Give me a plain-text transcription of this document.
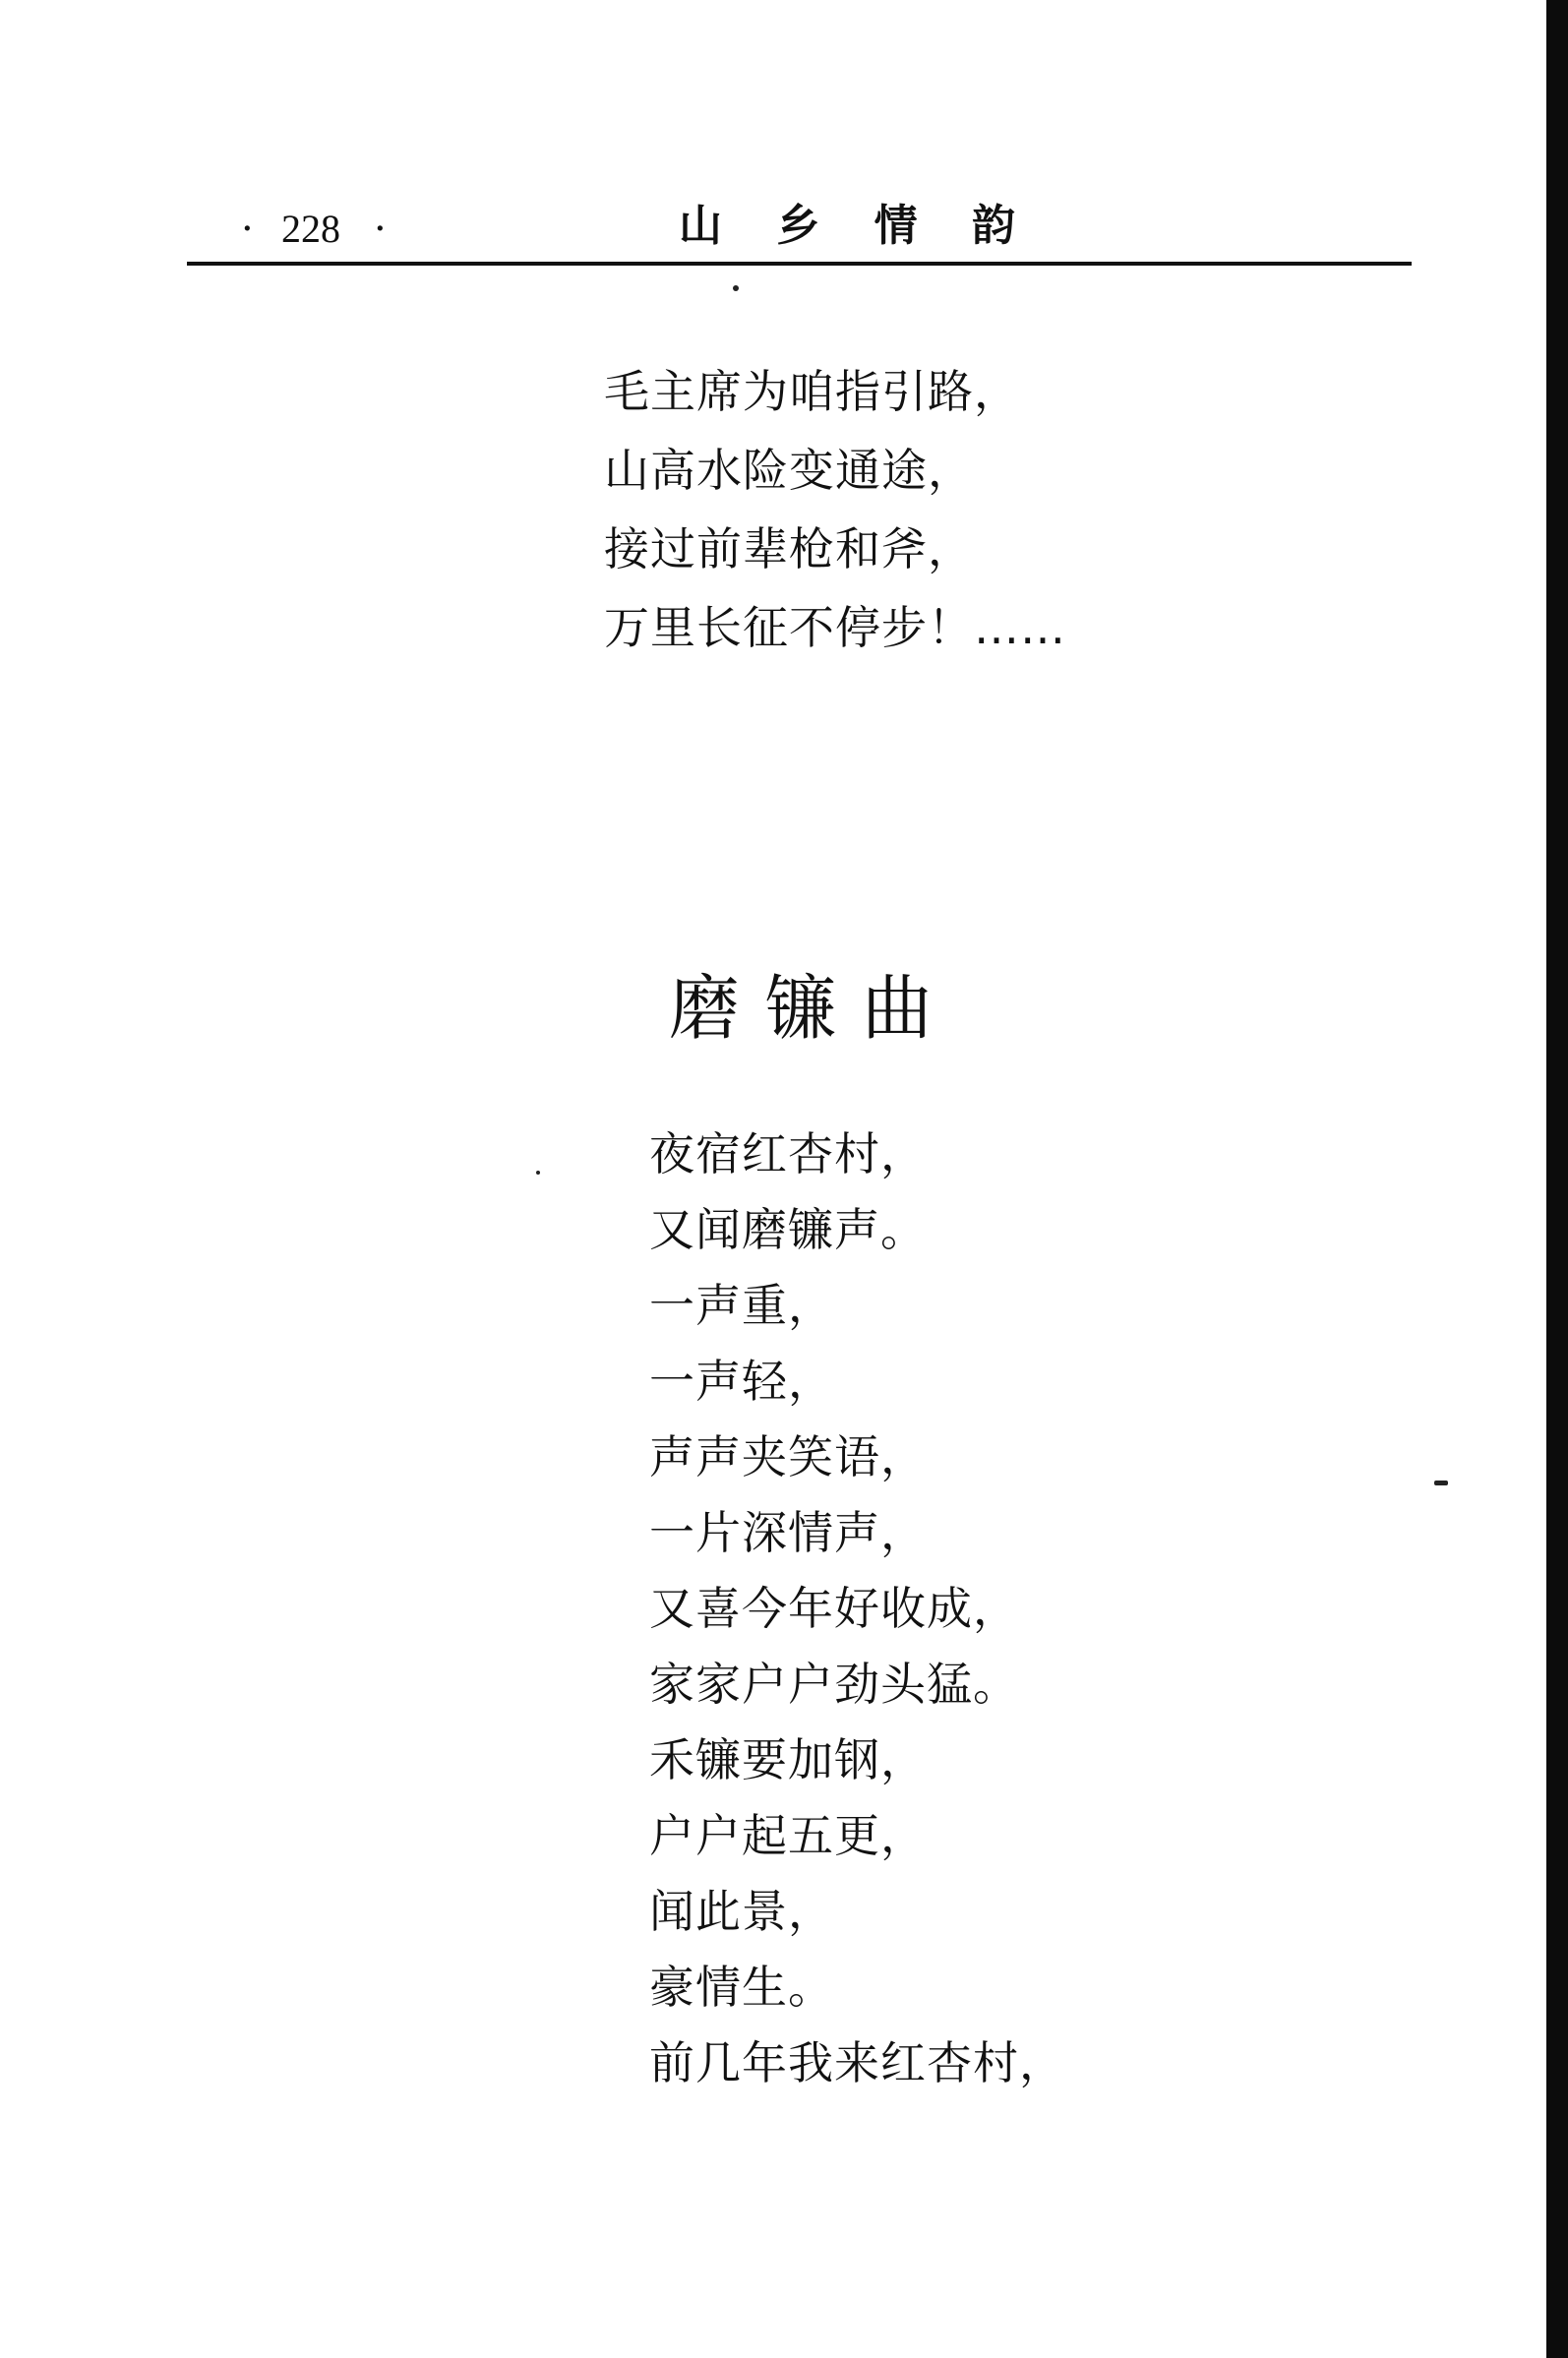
· 228 ·	山 乡 情 韵
毛主席为咱指引路，
山高水险变通途，
接过前辈枪和斧，
万里长征不停步！……
磨镰曲
夜宿红杏村，
又闻磨镰声。
一声重，
一声轻，
声声夹笑语，
一片深情声，
又喜今年好收成，
家家户户劲头猛。
禾镰要加钢，
户户起五更，
闻此景，
豪情生。
前几年我来红杏村，
